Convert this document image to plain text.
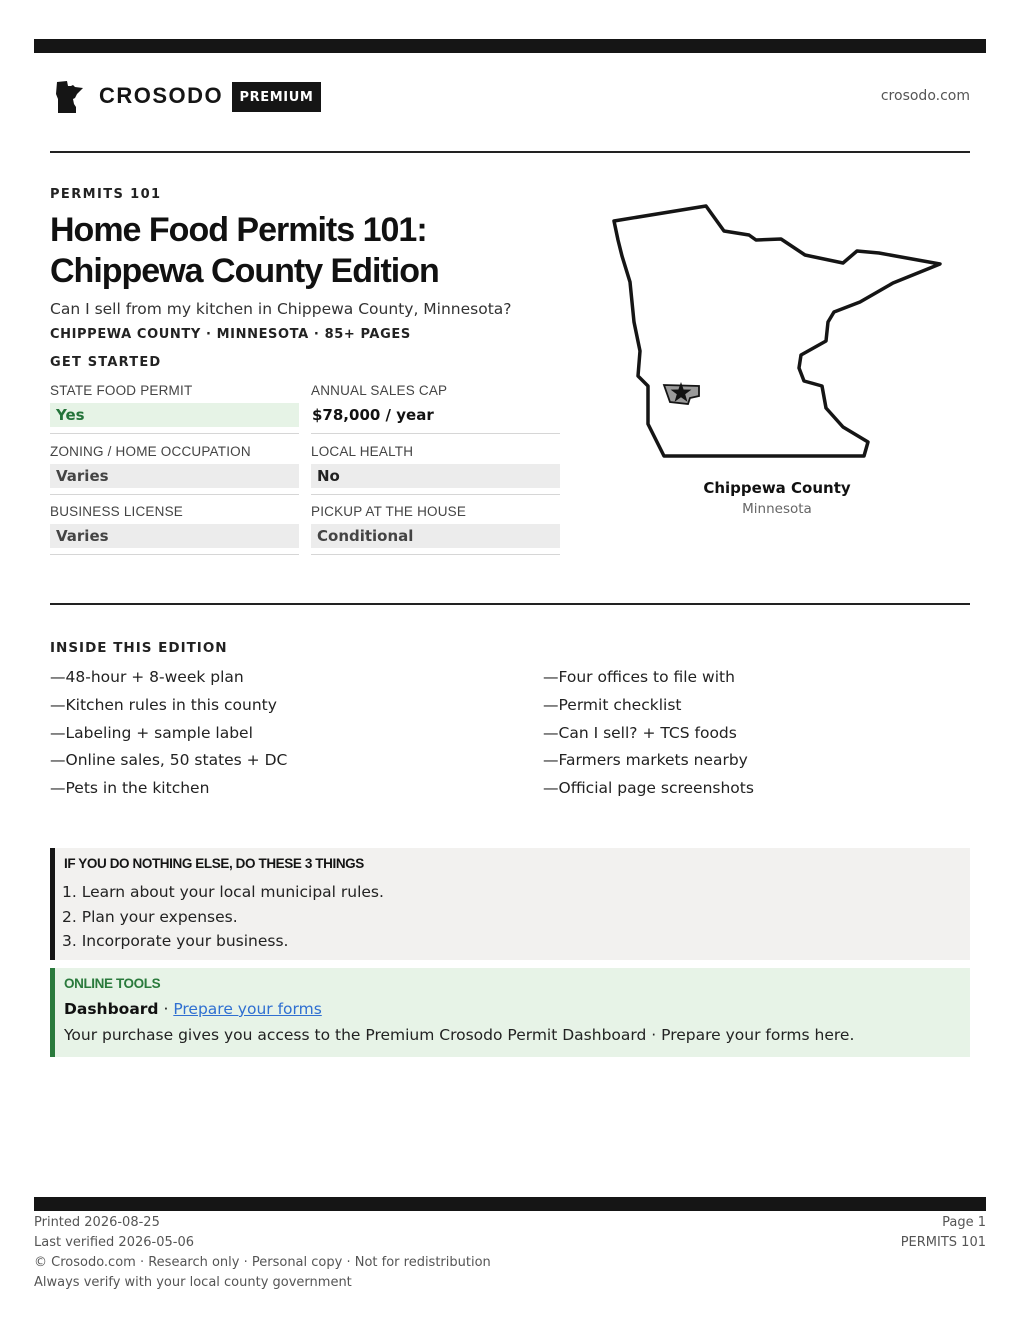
CROSODO	PREMIUM	crosodo.com
PERMITS 101
Home Food Permits 101:
Chippewa County Edition
Can I sell from my kitchen in Chippewa County, Minnesota?
CHIPPEWA COUNTY · MINNESOTA · 85+ PAGES
GET STARTED
STATE FOOD PERMIT
Yes
ANNUAL SALES CAP
$78,000 / year
ZONING / HOME OCCUPATION
Varies
LOCAL HEALTH
No
BUSINESS LICENSE
Varies
PICKUP AT THE HOUSE
Conditional
Chippewa County
Minnesota
INSIDE THIS EDITION
—48-hour + 8-week plan
—Kitchen rules in this county
—Labeling + sample label
—Online sales, 50 states + DC
—Pets in the kitchen
—Four offices to file with
—Permit checklist
—Can I sell? + TCS foods
—Farmers markets nearby
—Official page screenshots
IF YOU DO NOTHING ELSE, DO THESE 3 THINGS
1. Learn about your local municipal rules.
2. Plan your expenses.
3. Incorporate your business.
ONLINE TOOLS
Dashboard · Prepare your forms
Your purchase gives you access to the Premium Crosodo Permit Dashboard · Prepare your forms here.
Printed 2026-08-25
Last verified 2026-05-06
© Crosodo.com · Research only · Personal copy · Not for redistribution
Always verify with your local county government
Page 1
PERMITS 101
